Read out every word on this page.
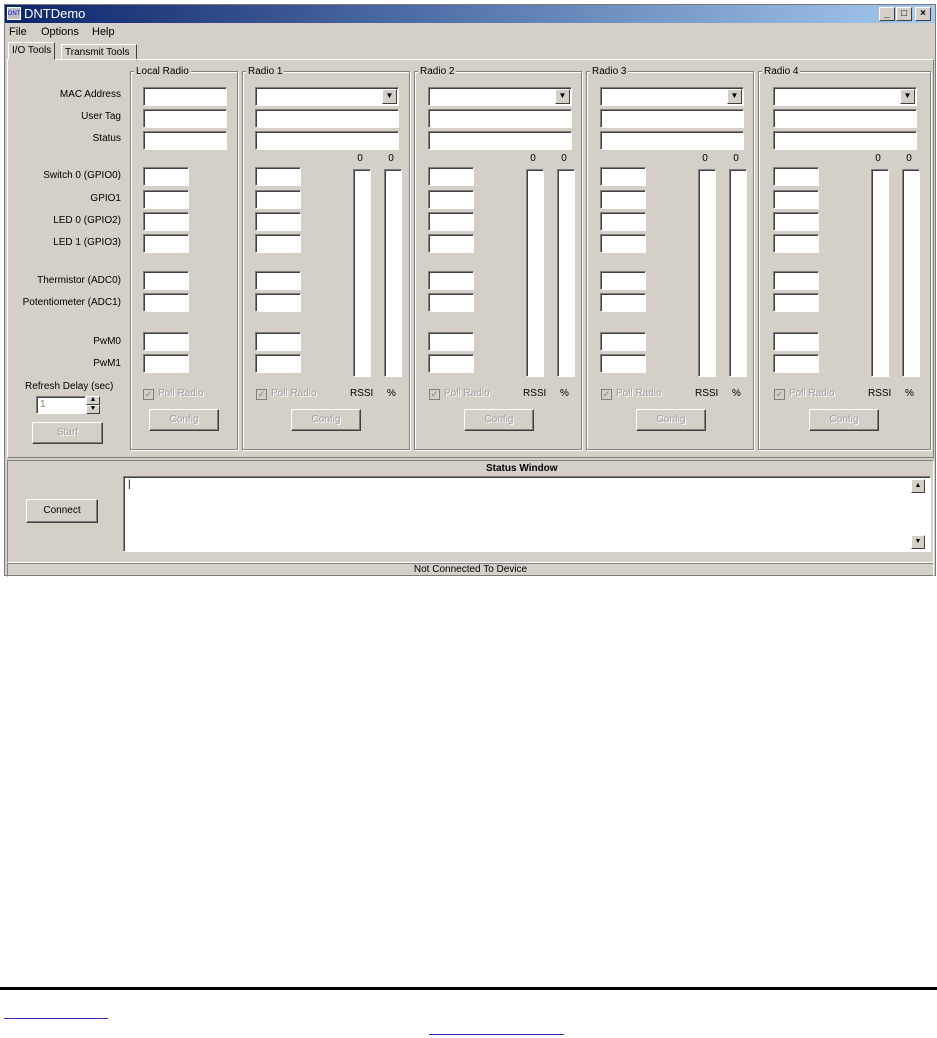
DNT DNTDemo	_	□	×
File Options Help
I/O Tools	Transmit Tools
Local Radio	Radio 1	Radio 2	Radio 3	Radio 4
MAC Address
User Tag
Status
Switch 0 (GPIO0)
GPIO1
LED 0 (GPIO2)
LED 1 (GPIO3)
Thermistor (ADC0)
Potentiometer (ADC1)
PwM0
PwM1
Refresh Delay (sec)
1	▲
▼
Start
✓ Poll Radio
Config
▼
0	0
✓ Poll Radio	RSSI %
Config
▼
0	0
✓ Poll Radio	RSSI %
Config
▼
0	0
✓ Poll Radio	RSSI %
Config
▼
0	0
✓ Poll Radio	RSSI %
Config
Status Window
Connect
|	▲
▼
Not Connected To Device
